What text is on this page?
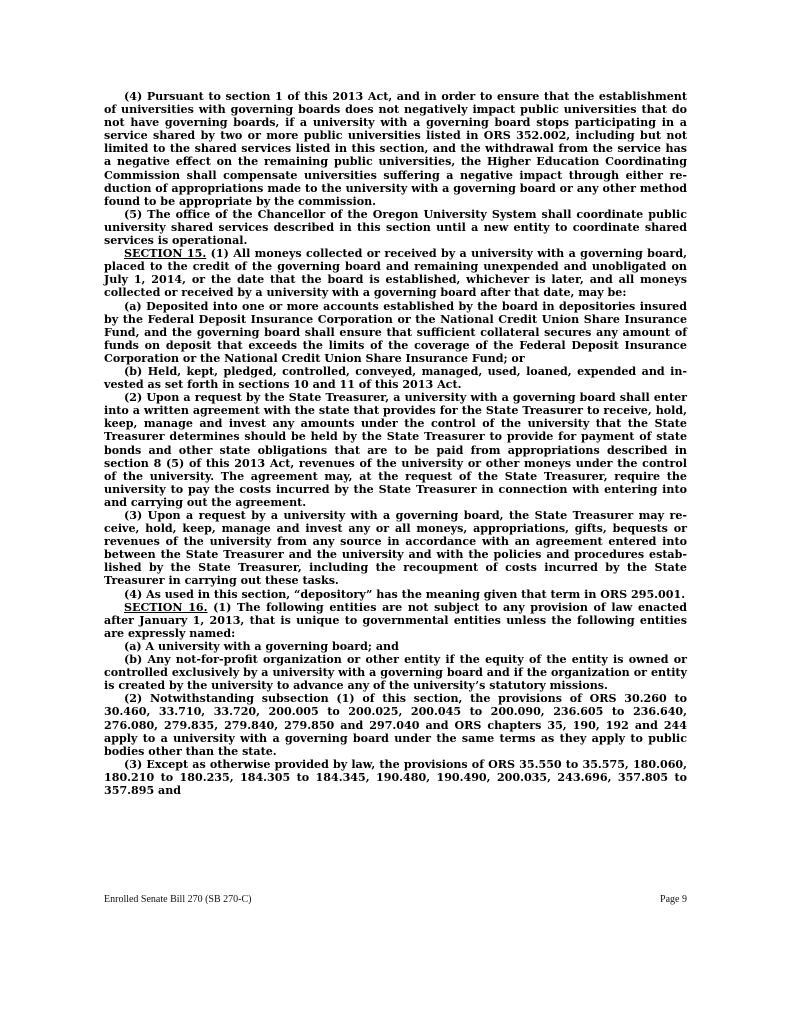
(4) Pursuant to section 1 of this 2013 Act, and in order to ensure that the establishment of universities with governing boards does not negatively impact public universities that do not have governing boards, if a university with a governing board stops participating in a service shared by two or more public universities listed in ORS 352.002, including but not limited to the shared services listed in this section, and the withdrawal from the service has a negative effect on the remaining public universities, the Higher Education Coordinating Commission shall compensate universities suffering a negative impact through either reduction of appropriations made to the university with a governing board or any other method found to be appropriate by the commission.

(5) The office of the Chancellor of the Oregon University System shall coordinate public university shared services described in this section until a new entity to coordinate shared services is operational.

SECTION 15. (1) All moneys collected or received by a university with a governing board, placed to the credit of the governing board and remaining unexpended and unobligated on July 1, 2014, or the date that the board is established, whichever is later, and all moneys collected or received by a university with a governing board after that date, may be:

(a) Deposited into one or more accounts established by the board in depositories insured by the Federal Deposit Insurance Corporation or the National Credit Union Share Insurance Fund, and the governing board shall ensure that sufficient collateral secures any amount of funds on deposit that exceeds the limits of the coverage of the Federal Deposit Insurance Corporation or the National Credit Union Share Insurance Fund; or

(b) Held, kept, pledged, controlled, conveyed, managed, used, loaned, expended and invested as set forth in sections 10 and 11 of this 2013 Act.

(2) Upon a request by the State Treasurer, a university with a governing board shall enter into a written agreement with the state that provides for the State Treasurer to receive, hold, keep, manage and invest any amounts under the control of the university that the State Treasurer determines should be held by the State Treasurer to provide for payment of state bonds and other state obligations that are to be paid from appropriations described in section 8 (5) of this 2013 Act, revenues of the university or other moneys under the control of the university. The agreement may, at the request of the State Treasurer, require the university to pay the costs incurred by the State Treasurer in connection with entering into and carrying out the agreement.

(3) Upon a request by a university with a governing board, the State Treasurer may receive, hold, keep, manage and invest any or all moneys, appropriations, gifts, bequests or revenues of the university from any source in accordance with an agreement entered into between the State Treasurer and the university and with the policies and procedures established by the State Treasurer, including the recoupment of costs incurred by the State Treasurer in carrying out these tasks.

(4) As used in this section, “depository” has the meaning given that term in ORS 295.001.

SECTION 16. (1) The following entities are not subject to any provision of law enacted after January 1, 2013, that is unique to governmental entities unless the following entities are expressly named:

(a) A university with a governing board; and

(b) Any not-for-profit organization or other entity if the equity of the entity is owned or controlled exclusively by a university with a governing board and if the organization or entity is created by the university to advance any of the university’s statutory missions.

(2) Notwithstanding subsection (1) of this section, the provisions of ORS 30.260 to 30.460, 33.710, 33.720, 200.005 to 200.025, 200.045 to 200.090, 236.605 to 236.640, 276.080, 279.835, 279.840, 279.850 and 297.040 and ORS chapters 35, 190, 192 and 244 apply to a university with a governing board under the same terms as they apply to public bodies other than the state.

(3) Except as otherwise provided by law, the provisions of ORS 35.550 to 35.575, 180.060, 180.210 to 180.235, 184.305 to 184.345, 190.480, 190.490, 200.035, 243.696, 357.805 to 357.895 and

Enrolled Senate Bill 270 (SB 270-C)	Page 9
